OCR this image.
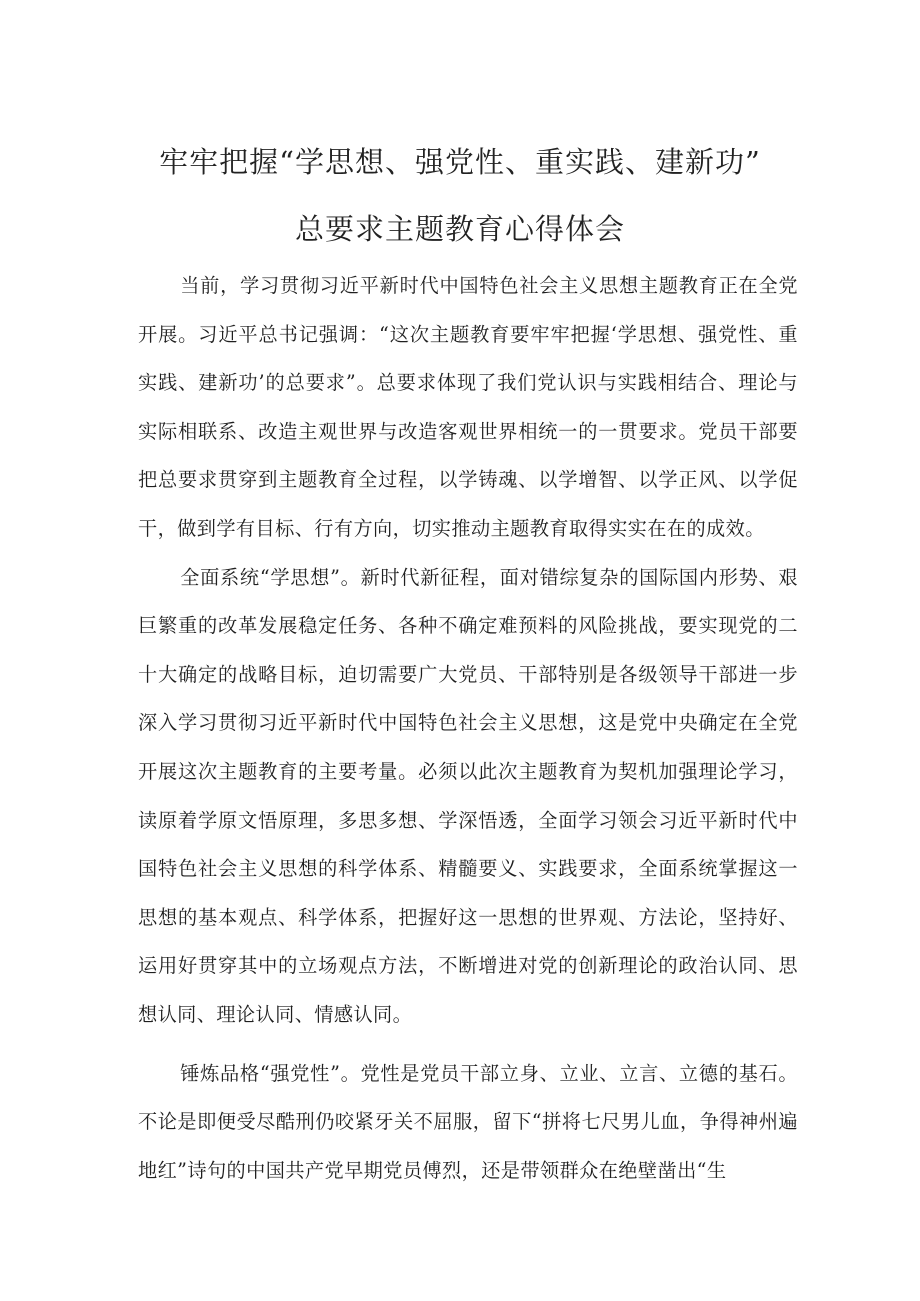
牢牢把握“学思想、强党性、重实践、建新功”
总要求主题教育心得体会

当前，学习贯彻习近平新时代中国特色社会主义思想主题教育正在全党开展。习近平总书记强调：“这次主题教育要牢牢把握‘学思想、强党性、重实践、建新功’的总要求”。总要求体现了我们党认识与实践相结合、理论与实际相联系、改造主观世界与改造客观世界相统一的一贯要求。党员干部要把总要求贯穿到主题教育全过程，以学铸魂、以学增智、以学正风、以学促干，做到学有目标、行有方向，切实推动主题教育取得实实在在的成效。

全面系统“学思想”。新时代新征程，面对错综复杂的国际国内形势、艰巨繁重的改革发展稳定任务、各种不确定难预料的风险挑战，要实现党的二十大确定的战略目标，迫切需要广大党员、干部特别是各级领导干部进一步深入学习贯彻习近平新时代中国特色社会主义思想，这是党中央确定在全党开展这次主题教育的主要考量。必须以此次主题教育为契机加强理论学习，读原着学原文悟原理，多思多想、学深悟透，全面学习领会习近平新时代中国特色社会主义思想的科学体系、精髓要义、实践要求，全面系统掌握这一思想的基本观点、科学体系，把握好这一思想的世界观、方法论，坚持好、运用好贯穿其中的立场观点方法，不断增进对党的创新理论的政治认同、思想认同、理论认同、情感认同。

锤炼品格“强党性”。党性是党员干部立身、立业、立言、立德的基石。不论是即便受尽酷刑仍咬紧牙关不屈服，留下“拼将七尺男儿血，争得神州遍地红”诗句的中国共产党早期党员傅烈，还是带领群众在绝壁凿出“生
